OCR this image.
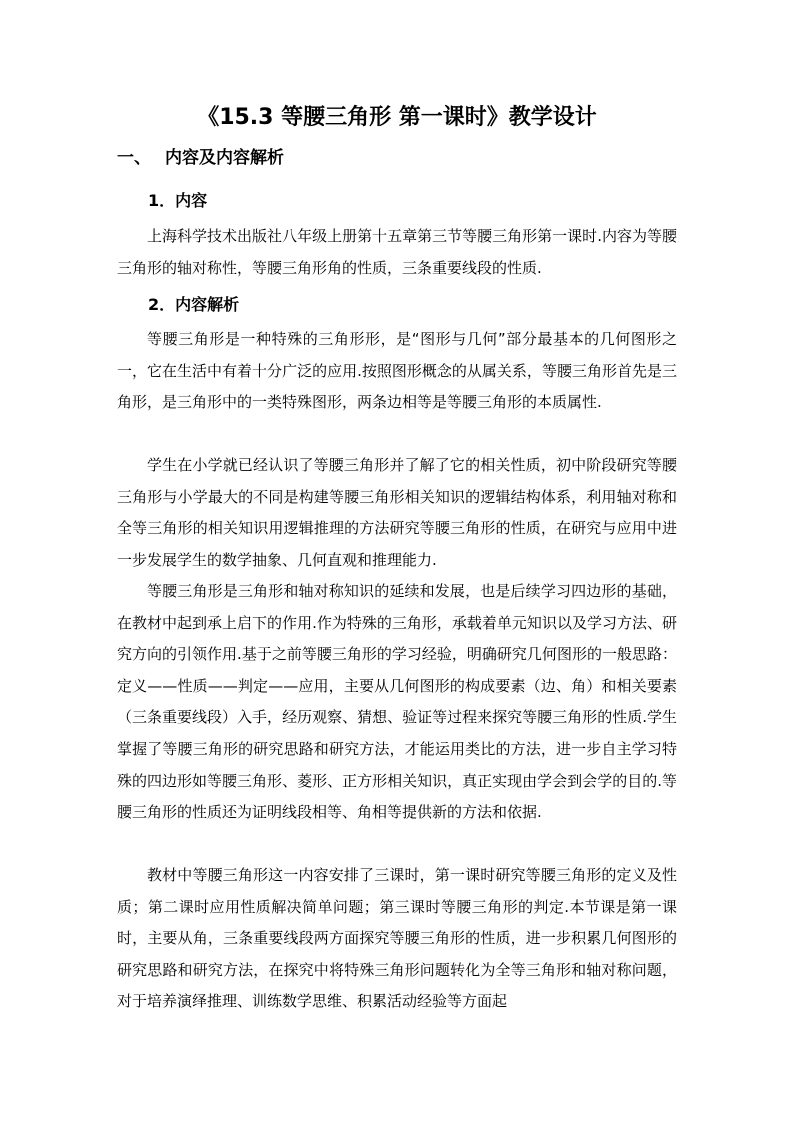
《15.3 等腰三角形 第一课时》教学设计
一、 内容及内容解析
1．内容
上海科学技术出版社八年级上册第十五章第三节等腰三角形第一课时.内容为等腰三角形的轴对称性，等腰三角形角的性质，三条重要线段的性质.
2．内容解析
等腰三角形是一种特殊的三角形形，是“图形与几何”部分最基本的几何图形之一，它在生活中有着十分广泛的应用.按照图形概念的从属关系，等腰三角形首先是三角形，是三角形中的一类特殊图形，两条边相等是等腰三角形的本质属性.
学生在小学就已经认识了等腰三角形并了解了它的相关性质，初中阶段研究等腰三角形与小学最大的不同是构建等腰三角形相关知识的逻辑结构体系，利用轴对称和全等三角形的相关知识用逻辑推理的方法研究等腰三角形的性质，在研究与应用中进一步发展学生的数学抽象、几何直观和推理能力.
等腰三角形是三角形和轴对称知识的延续和发展，也是后续学习四边形的基础，在教材中起到承上启下的作用.作为特殊的三角形，承载着单元知识以及学习方法、研究方向的引领作用.基于之前等腰三角形的学习经验，明确研究几何图形的一般思路：定义——性质——判定——应用，主要从几何图形的构成要素（边、角）和相关要素（三条重要线段）入手，经历观察、猜想、验证等过程来探究等腰三角形的性质.学生掌握了等腰三角形的研究思路和研究方法，才能运用类比的方法，进一步自主学习特殊的四边形如等腰三角形、菱形、正方形相关知识，真正实现由学会到会学的目的.等腰三角形的性质还为证明线段相等、角相等提供新的方法和依据.
教材中等腰三角形这一内容安排了三课时，第一课时研究等腰三角形的定义及性质；第二课时应用性质解决简单问题；第三课时等腰三角形的判定.本节课是第一课时，主要从角，三条重要线段两方面探究等腰三角形的性质，进一步积累几何图形的研究思路和研究方法，在探究中将特殊三角形问题转化为全等三角形和轴对称问题，对于培养演绎推理、训练数学思维、积累活动经验等方面起
